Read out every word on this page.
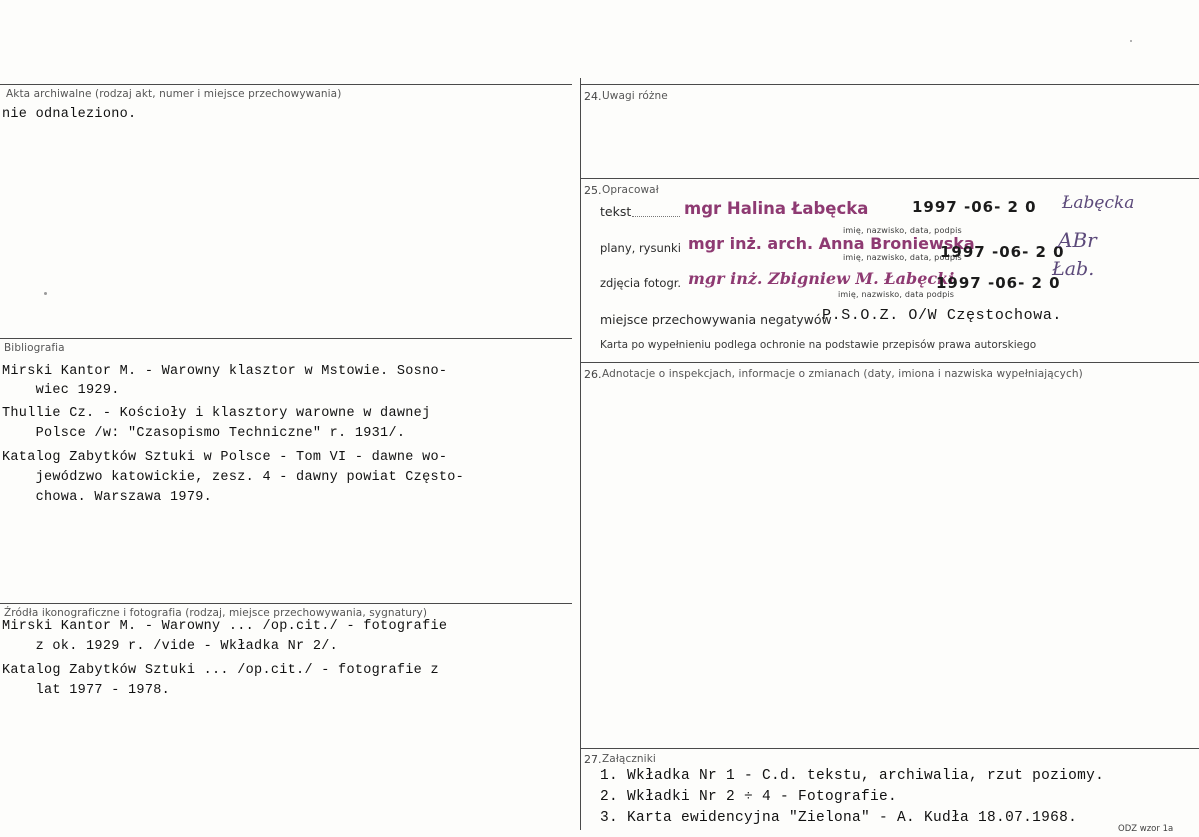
Akta archiwalne (rodzaj akt, numer i miejsce przechowywania)
nie odnaleziono.
Bibliografia
Mirski Kantor M. - Warowny klasztor w Mstowie. Sosno-
wiec 1929.
Thullie Cz. - Kościoły i klasztory warowne w dawnej
Polsce /w: "Czasopismo Techniczne" r. 1931/.
Katalog Zabytków Sztuki w Polsce - Tom VI - dawne wo-
jewódzwo katowickie, zesz. 4 - dawny powiat Często-
chowa. Warszawa 1979.
Źródła ikonograficzne i fotografia (rodzaj, miejsce przechowywania, sygnatury)
Mirski Kantor M. - Warowny ... /op.cit./ - fotografie
z ok. 1929 r. /vide - Wkładka Nr 2/.
Katalog Zabytków Sztuki ... /op.cit./ - fotografie z
lat 1977 - 1978.
24. Uwagi różne
25. Opracował
tekst	mgr Halina Łabęcka	1997 -06- 2 0 Łabęcka
plany, rysunki mgr inż. arch. Anna Broniewska
imię, nazwisko, data, podpis
imię, nazwisko, data, podpis
1997 -06- 2 0
ABr
zdjęcia fotogr. mgr inż. Zbigniew M. Łabęcki
imię, nazwisko, data podpis
1997 -06- 2 0
Łab.
miejsce przechowywania negatywów
P.S.O.Z. O/W Częstochowa.
Karta po wypełnieniu podlega ochronie na podstawie przepisów prawa autorskiego
26. Adnotacje o inspekcjach, informacje o zmianach (daty, imiona i nazwiska wypełniających)
27. Załączniki
1. Wkładka Nr 1 - C.d. tekstu, archiwalia, rzut poziomy.
2. Wkładki Nr 2 ÷ 4 - Fotografie.
3. Karta ewidencyjna "Zielona" - A. Kudła 18.07.1968.
ODZ wzor 1a
